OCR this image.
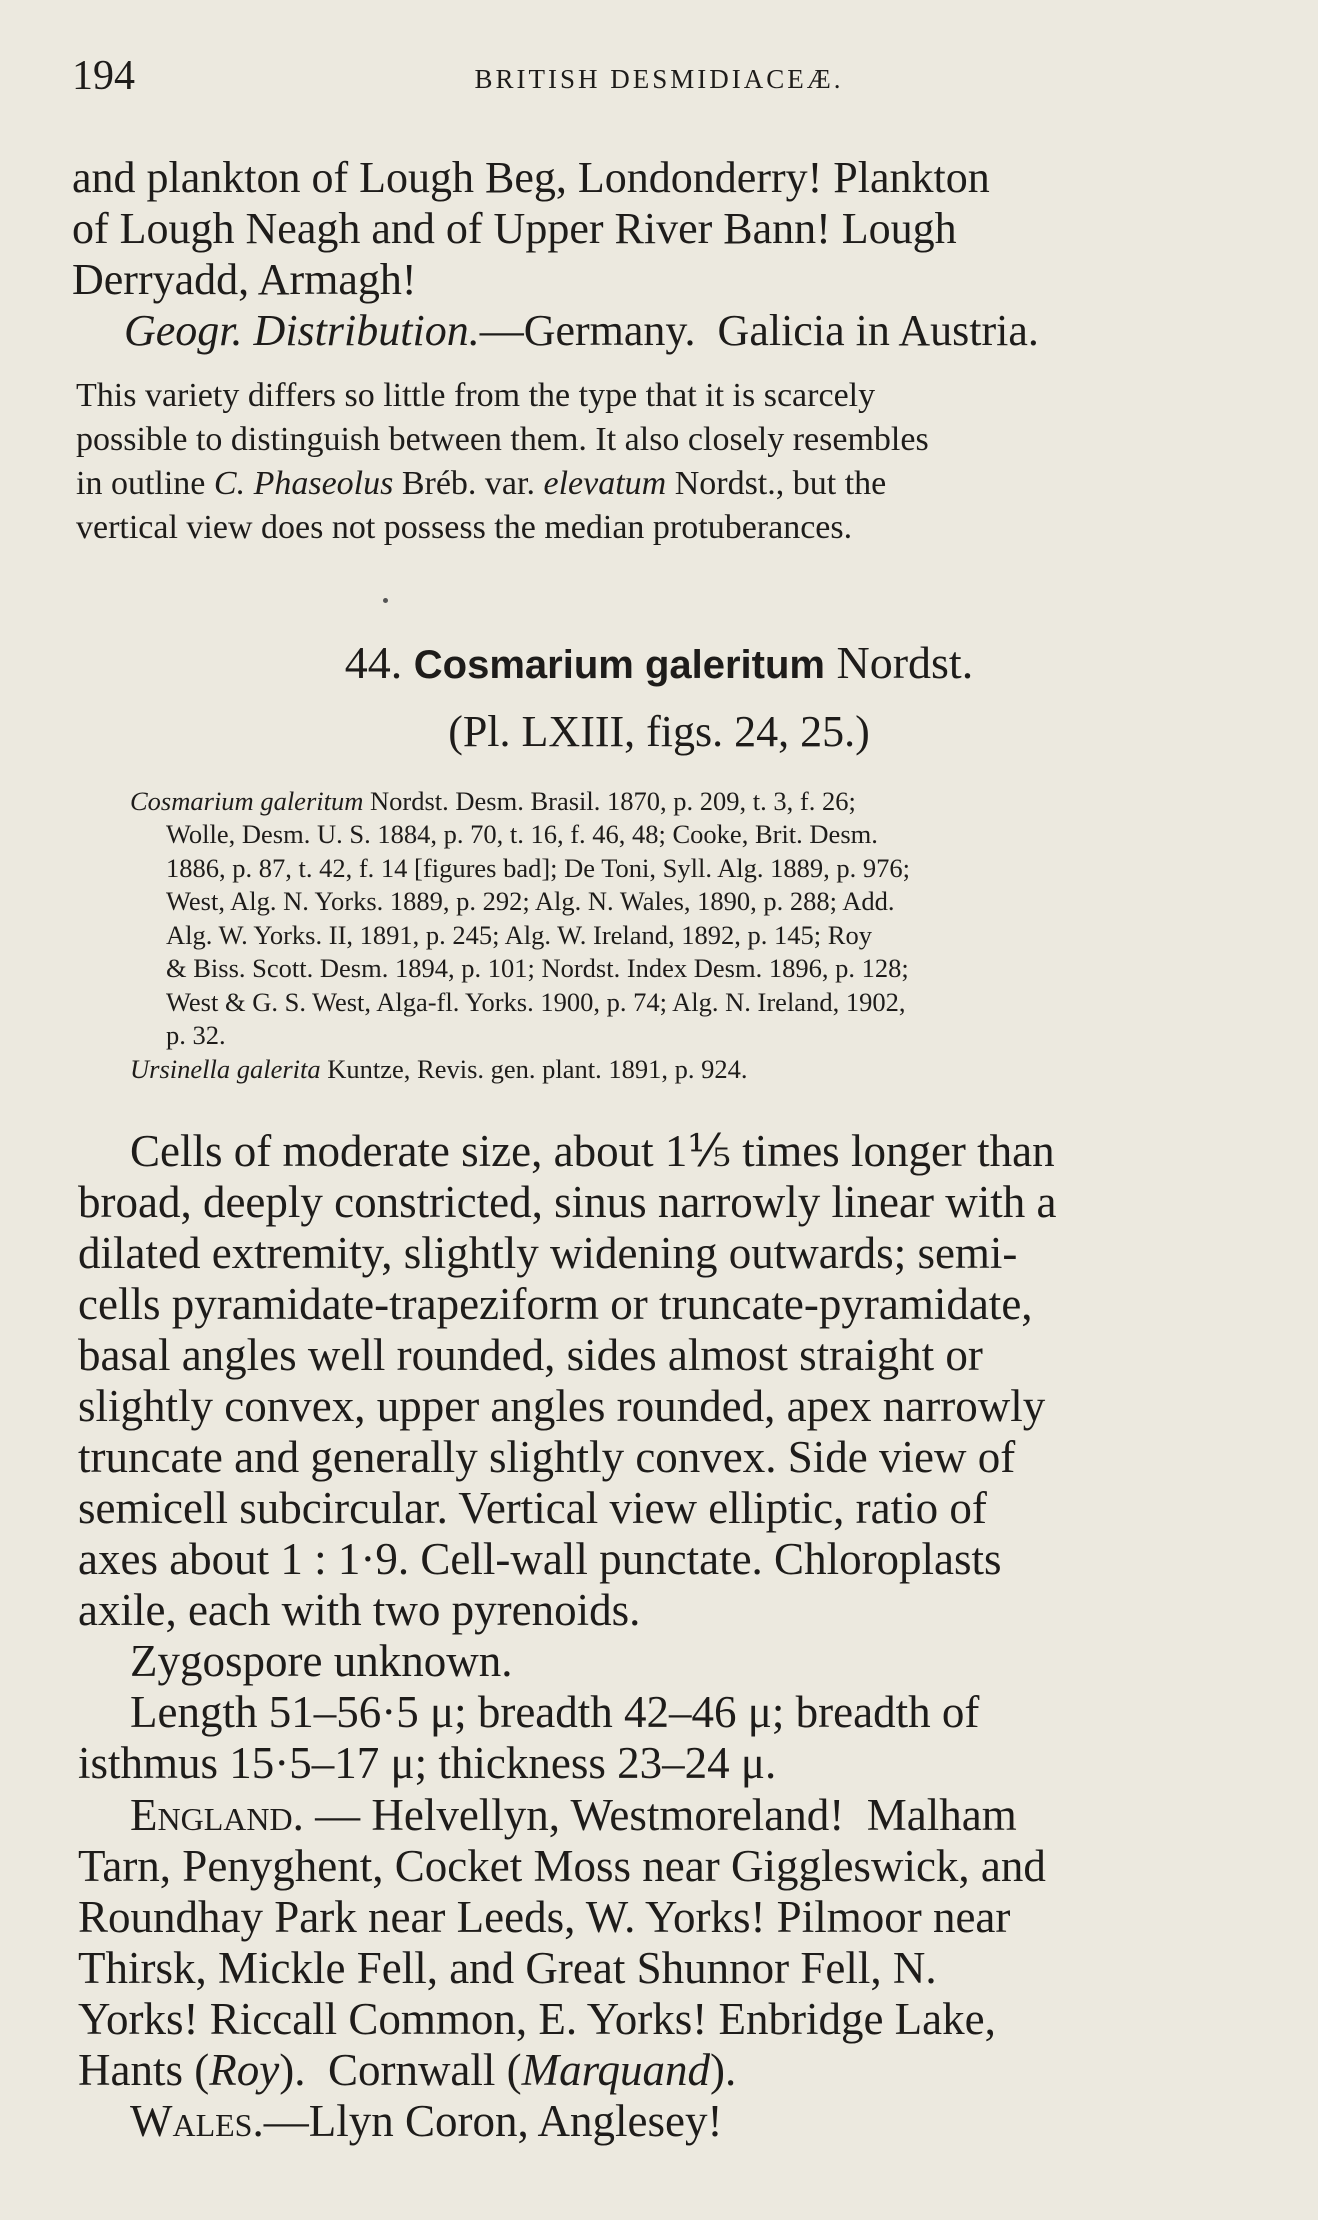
194	BRITISH DESMIDIACEÆ.
and plankton of Lough Beg, Londonderry! Plankton
of Lough Neagh and of Upper River Bann! Lough
Derryadd, Armagh!
Geogr. Distribution.—Germany.  Galicia in Austria.
This variety differs so little from the type that it is scarcely
possible to distinguish between them. It also closely resembles
in outline C. Phaseolus Bréb. var. elevatum Nordst., but the
vertical view does not possess the median protuberances.
44. Cosmarium galeritum Nordst.
(Pl. LXIII, figs. 24, 25.)
Cosmarium galeritum Nordst. Desm. Brasil. 1870, p. 209, t. 3, f. 26;
Wolle, Desm. U. S. 1884, p. 70, t. 16, f. 46, 48; Cooke, Brit. Desm.
1886, p. 87, t. 42, f. 14 [figures bad]; De Toni, Syll. Alg. 1889, p. 976;
West, Alg. N. Yorks. 1889, p. 292; Alg. N. Wales, 1890, p. 288; Add.
Alg. W. Yorks. II, 1891, p. 245; Alg. W. Ireland, 1892, p. 145; Roy
& Biss. Scott. Desm. 1894, p. 101; Nordst. Index Desm. 1896, p. 128;
West & G. S. West, Alga-fl. Yorks. 1900, p. 74; Alg. N. Ireland, 1902,
p. 32.
Ursinella galerita Kuntze, Revis. gen. plant. 1891, p. 924.
Cells of moderate size, about 1⅕ times longer than
broad, deeply constricted, sinus narrowly linear with a
dilated extremity, slightly widening outwards; semi-
cells pyramidate-trapeziform or truncate-pyramidate,
basal angles well rounded, sides almost straight or
slightly convex, upper angles rounded, apex narrowly
truncate and generally slightly convex. Side view of
semicell subcircular. Vertical view elliptic, ratio of
axes about 1 : 1·9. Cell-wall punctate. Chloroplasts
axile, each with two pyrenoids.
Zygospore unknown.
Length 51–56·5 μ; breadth 42–46 μ; breadth of
isthmus 15·5–17 μ; thickness 23–24 μ.
England. — Helvellyn, Westmoreland!  Malham
Tarn, Penyghent, Cocket Moss near Giggleswick, and
Roundhay Park near Leeds, W. Yorks! Pilmoor near
Thirsk, Mickle Fell, and Great Shunnor Fell, N.
Yorks! Riccall Common, E. Yorks! Enbridge Lake,
Hants (Roy).  Cornwall (Marquand).
Wales.—Llyn Coron, Anglesey!
